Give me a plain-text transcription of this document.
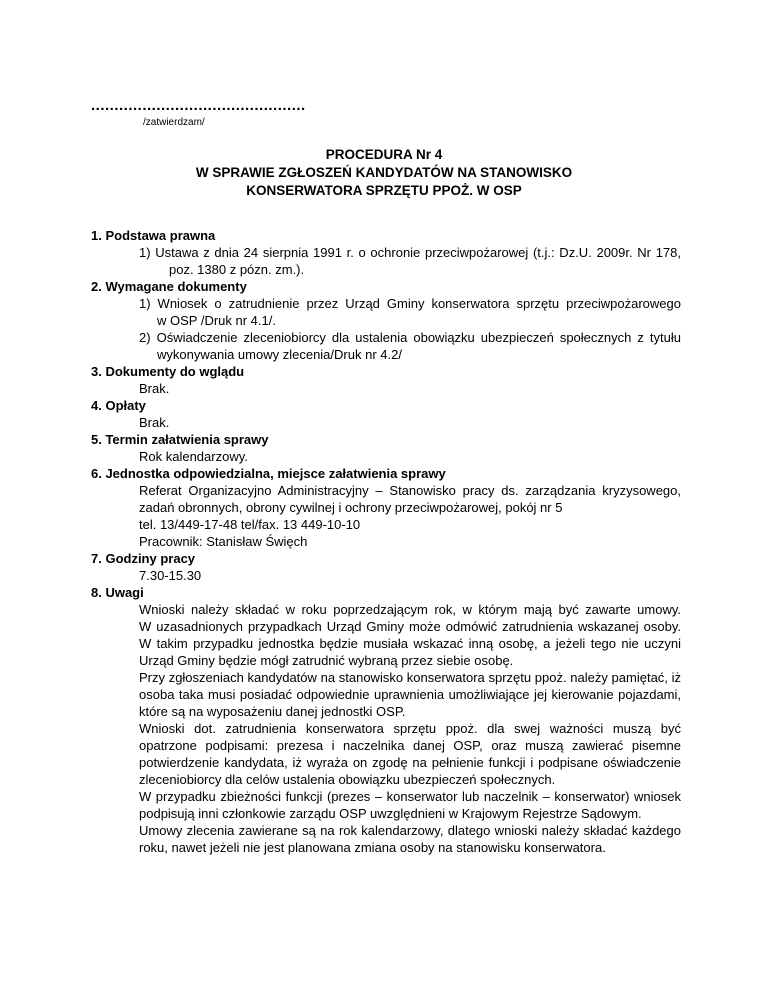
..............................................
/zatwierdzam/
PROCEDURA Nr 4
W SPRAWIE ZGŁOSZEŃ KANDYDATÓW NA STANOWISKO
KONSERWATORA SPRZĘTU PPOŻ. W OSP
1. Podstawa prawna
1) Ustawa z dnia 24 sierpnia 1991 r. o ochronie przeciwpożarowej (t.j.: Dz.U. 2009r. Nr 178,
poz. 1380 z pózn. zm.).
2. Wymagane dokumenty
1) Wniosek o zatrudnienie przez Urząd Gminy konserwatora sprzętu przeciwpożarowego
w OSP /Druk nr 4.1/.
2) Oświadczenie zleceniobiorcy dla ustalenia obowiązku ubezpieczeń społecznych z tytułu
wykonywania umowy zlecenia/Druk nr 4.2/
3. Dokumenty do wglądu
Brak.
4. Opłaty
Brak.
5. Termin załatwienia sprawy
Rok kalendarzowy.
6. Jednostka odpowiedzialna, miejsce załatwienia sprawy
Referat Organizacyjno Administracyjny – Stanowisko pracy ds. zarządzania kryzysowego,
zadań obronnych, obrony cywilnej i ochrony przeciwpożarowej, pokój nr 5
tel. 13/449-17-48 tel/fax. 13 449-10-10
Pracownik: Stanisław Święch
7. Godziny pracy
7.30-15.30
8. Uwagi
Wnioski należy składać w roku poprzedzającym rok, w którym mają być zawarte umowy.
W uzasadnionych przypadkach Urząd Gminy może odmówić zatrudnienia wskazanej osoby.
W takim przypadku jednostka będzie musiała wskazać inną osobę, a jeżeli tego nie uczyni
Urząd Gminy będzie mógł zatrudnić wybraną przez siebie osobę.
Przy zgłoszeniach kandydatów na stanowisko konserwatora sprzętu ppoż. należy pamiętać, iż
osoba taka musi posiadać odpowiednie uprawnienia umożliwiające jej kierowanie pojazdami,
które są na wyposażeniu danej jednostki OSP.
Wnioski dot. zatrudnienia konserwatora sprzętu ppoż. dla swej ważności muszą być
opatrzone podpisami: prezesa i naczelnika danej OSP, oraz muszą zawierać pisemne
potwierdzenie kandydata, iż wyraża on zgodę na pełnienie funkcji i podpisane oświadczenie
zleceniobiorcy dla celów ustalenia obowiązku ubezpieczeń społecznych.
W przypadku zbieżności funkcji (prezes – konserwator lub naczelnik – konserwator) wniosek
podpisują inni członkowie zarządu OSP uwzględnieni w Krajowym Rejestrze Sądowym.
Umowy zlecenia zawierane są na rok kalendarzowy, dlatego wnioski należy składać każdego
roku, nawet jeżeli nie jest planowana zmiana osoby na stanowisku konserwatora.
